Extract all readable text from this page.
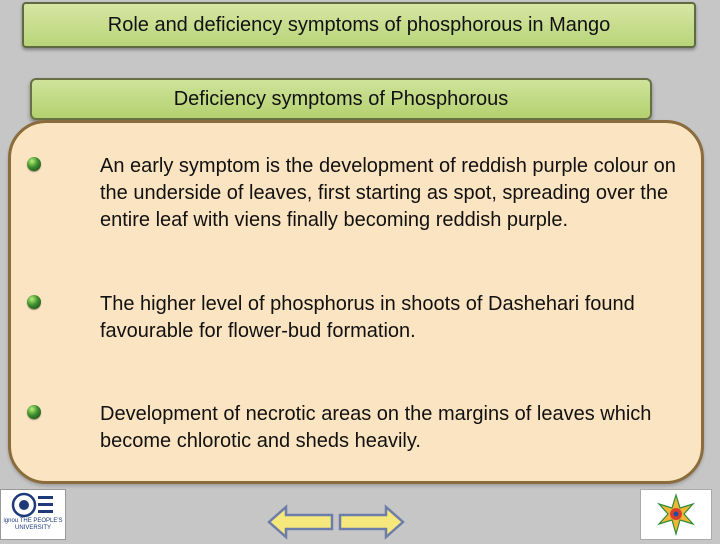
Role and deficiency symptoms of phosphorous in Mango
Deficiency symptoms of Phosphorous
An early symptom is the development of reddish purple colour on the underside of leaves, first starting as spot, spreading over the entire leaf with viens finally becoming reddish purple.
The higher level of phosphorus in shoots of Dashehari found favourable for flower-bud formation.
Development of necrotic areas on the margins of leaves which become chlorotic and sheds heavily.
ignou THE PEOPLE'S UNIVERSITY
